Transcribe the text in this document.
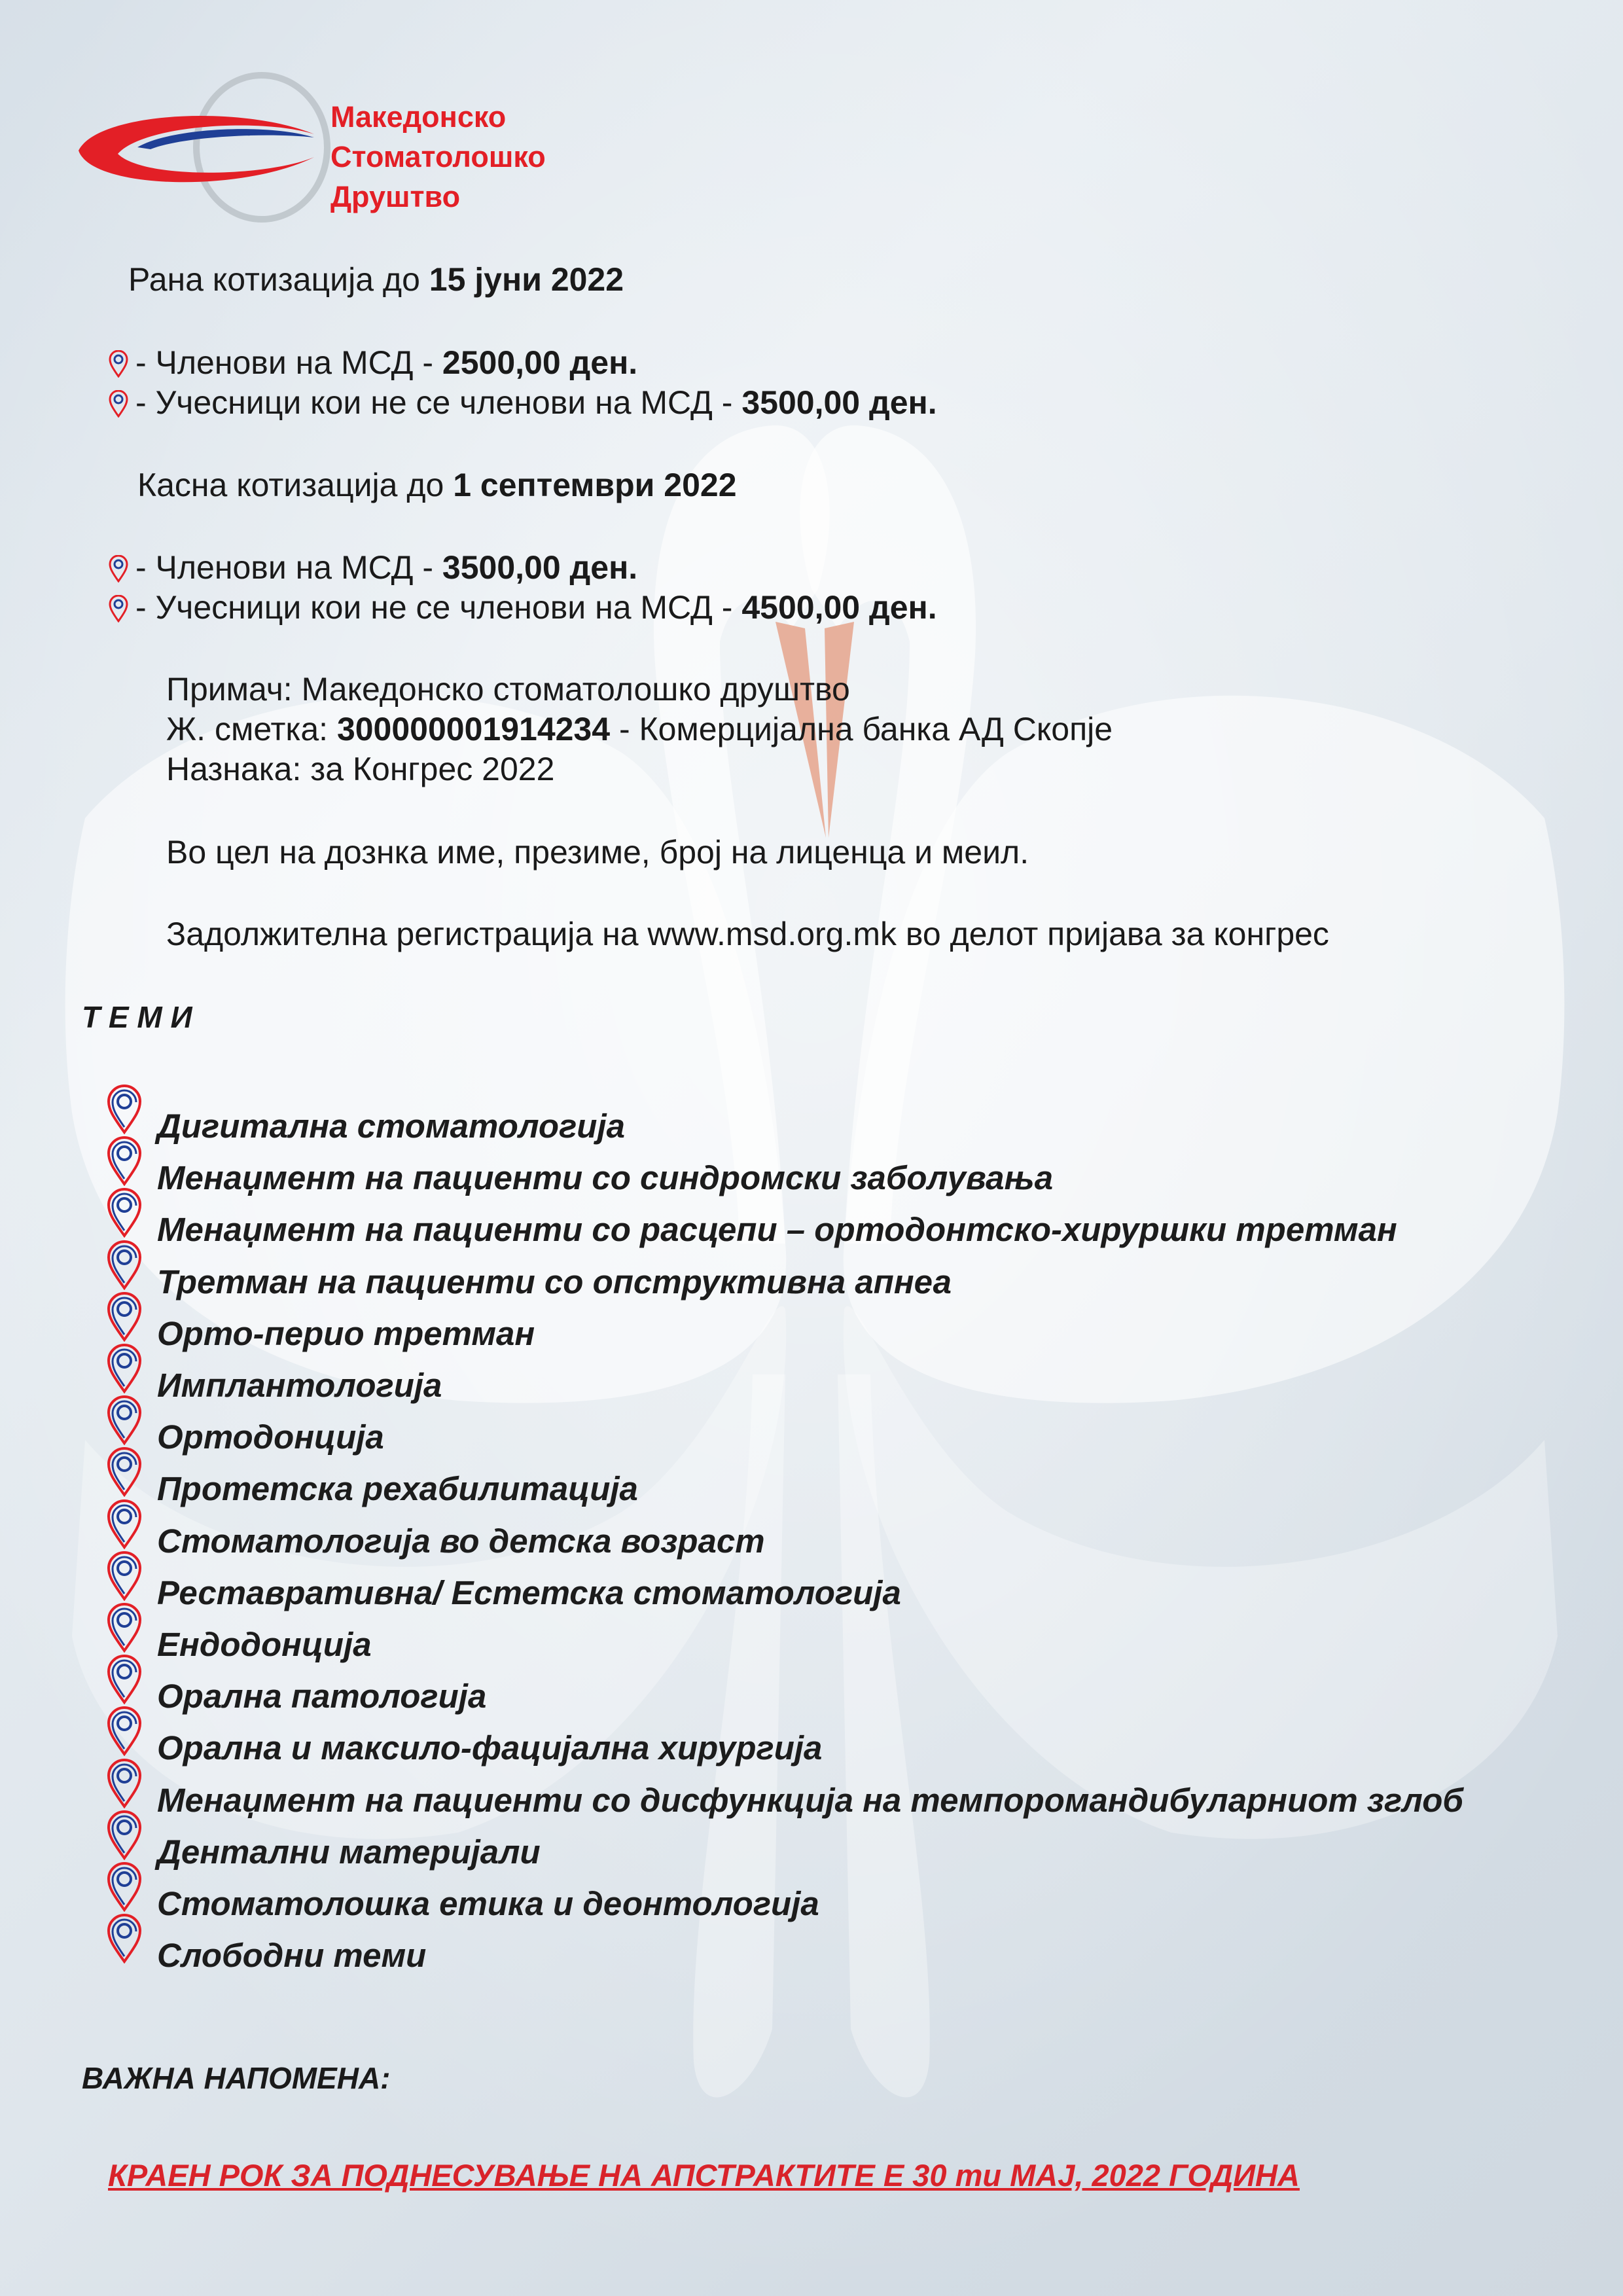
Македонско
Стоматолошко
Друштво
Рана котизација до 15 јуни 2022
- Членови на МСД - 2500,00 ден.
- Учесници кои не се членови на МСД - 3500,00 ден.
Касна котизација до 1 септември 2022
- Членови на МСД - 3500,00 ден.
- Учесници кои не се членови на МСД - 4500,00 ден.
Примач: Македонско стоматолошко друштво
Ж. сметка: 300000001914234 - Комерцијална банка АД Скопје
Назнака: за Конгрес 2022
Во цел на дознка име, презиме, број на лиценца и меил.
Задолжителна регистрација на www.msd.org.mk во делот пријава за конгрес
Т Е М И
Дигитална стоматологија
Менаџмент на пациенти со синдромски заболувања
Менаџмент на пациенти со расцепи – ортодонтско-хируршки третман
Третман на пациенти со опструктивна апнеа
Орто-перио третман
Имплантологија
Ортодонција
Протетска рехабилитација
Стоматологија во детска возраст
Реставративна/ Естетска стоматологија
Ендодонција
Орална патологија
Орална и максило-фацијална хирургија
Менаџмент на пациенти со дисфункција на темпоромандибуларниот зглоб
Дентални материјали
Стоматолошка етика и деонтологија
Слободни теми
ВАЖНА НАПОМЕНА:
КРАЕН РОК ЗА ПОДНЕСУВАЊЕ НА АПСТРАКТИТЕ Е 30 ти МАЈ, 2022 ГОДИНА
